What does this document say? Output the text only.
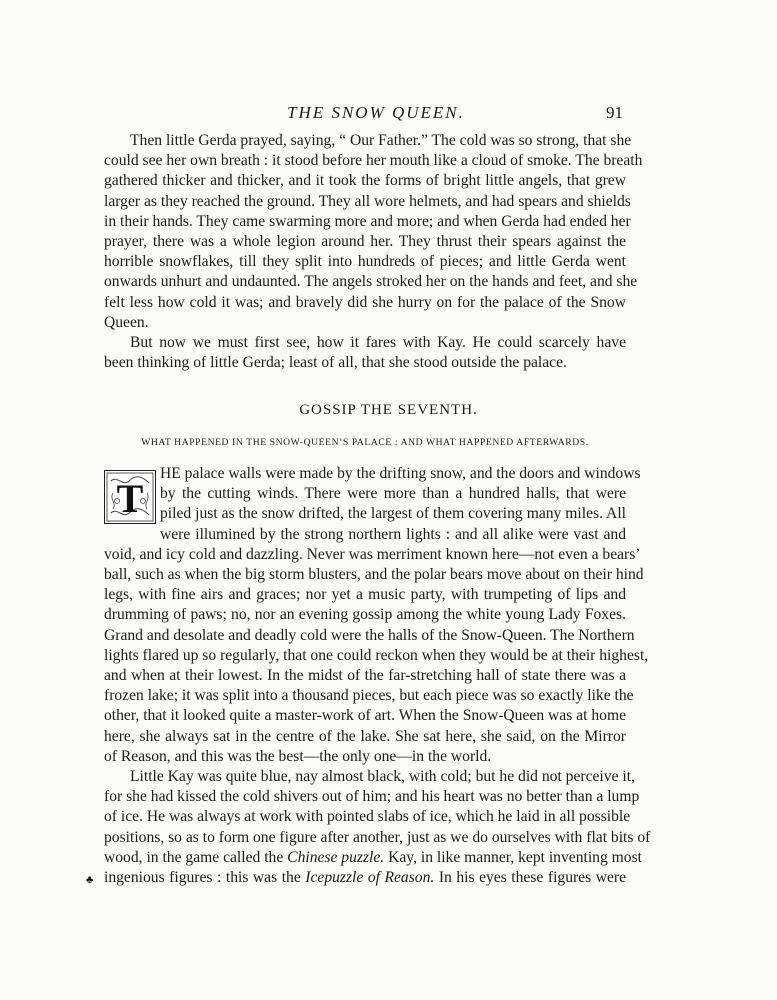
THE SNOW QUEEN.	91
Then little Gerda prayed, saying, “ Our Father.” The cold was so strong, that she
could see her own breath : it stood before her mouth like a cloud of smoke. The breath
gathered thicker and thicker, and it took the forms of bright little angels, that grew
larger as they reached the ground. They all wore helmets, and had spears and shields
in their hands. They came swarming more and more; and when Gerda had ended her
prayer, there was a whole legion around her. They thrust their spears against the
horrible snowflakes, till they split into hundreds of pieces; and little Gerda went
onwards unhurt and undaunted. The angels stroked her on the hands and feet, and she
felt less how cold it was; and bravely did she hurry on for the palace of the Snow
Queen.
But now we must first see, how it fares with Kay. He could scarcely have
been thinking of little Gerda; least of all, that she stood outside the palace.
GOSSIP THE SEVENTH.
WHAT HAPPENED IN THE SNOW-QUEEN’S PALACE : AND WHAT HAPPENED AFTERWARDS.
T
HE palace walls were made by the drifting snow, and the doors and windows
by the cutting winds. There were more than a hundred halls, that were
piled just as the snow drifted, the largest of them covering many miles. All
were illumined by the strong northern lights : and all alike were vast and
void, and icy cold and dazzling. Never was merriment known here—not even a bears’
ball, such as when the big storm blusters, and the polar bears move about on their hind
legs, with fine airs and graces; nor yet a music party, with trumpeting of lips and
drumming of paws; no, nor an evening gossip among the white young Lady Foxes.
Grand and desolate and deadly cold were the halls of the Snow-Queen. The Northern
lights flared up so regularly, that one could reckon when they would be at their highest,
and when at their lowest. In the midst of the far-stretching hall of state there was a
frozen lake; it was split into a thousand pieces, but each piece was so exactly like the
other, that it looked quite a master-work of art. When the Snow-Queen was at home
here, she always sat in the centre of the lake. She sat here, she said, on the Mirror
of Reason, and this was the best—the only one—in the world.
Little Kay was quite blue, nay almost black, with cold; but he did not perceive it,
for she had kissed the cold shivers out of him; and his heart was no better than a lump
of ice. He was always at work with pointed slabs of ice, which he laid in all possible
positions, so as to form one figure after another, just as we do ourselves with flat bits of
wood, in the game called the Chinese puzzle. Kay, in like manner, kept inventing most
ingenious figures : this was the Icepuzzle of Reason. In his eyes these figures were
♣
